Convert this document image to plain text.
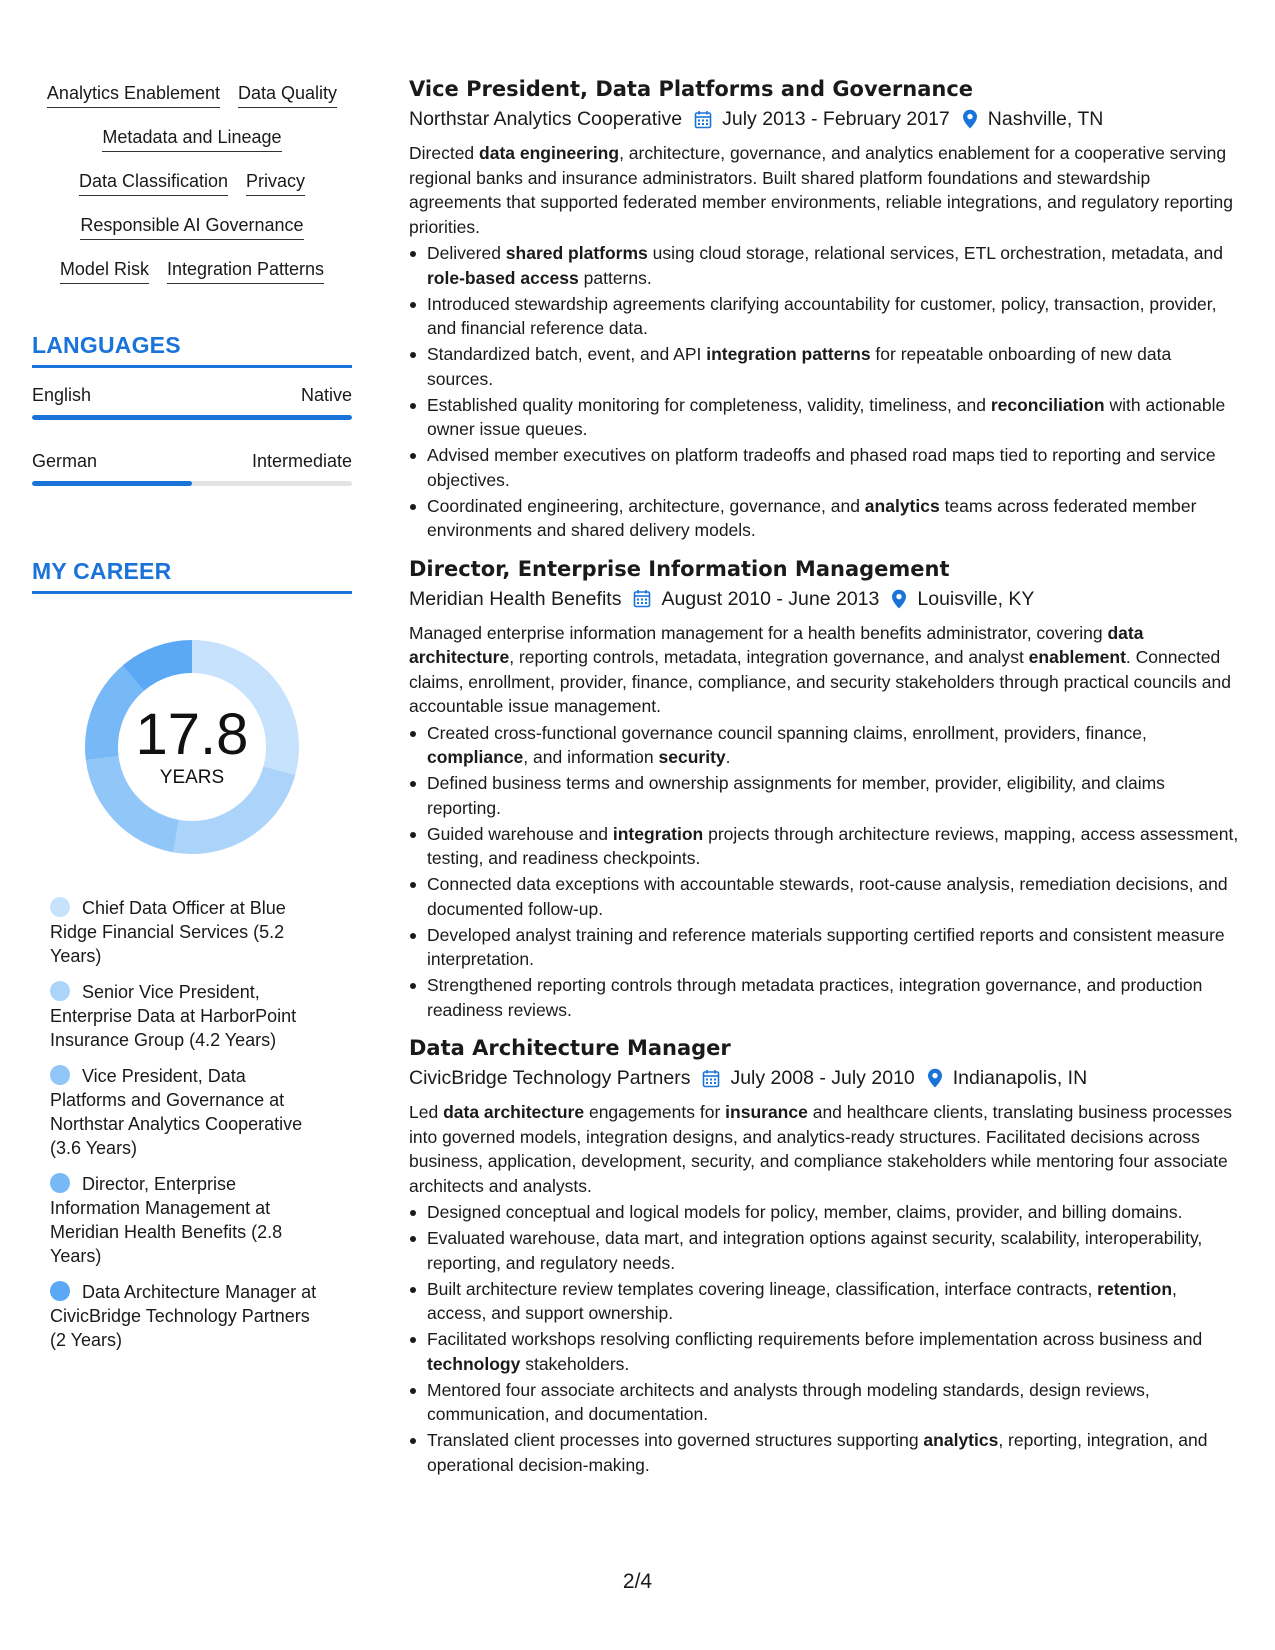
Analytics Enablement Data Quality
Metadata and Lineage
Data Classification Privacy
Responsible AI Governance
Model Risk Integration Patterns
LANGUAGES
English	Native
German	Intermediate
MY CAREER
17.8
YEARS
Chief Data Officer at Blue Ridge Financial Services (5.2 Years)
Senior Vice President, Enterprise Data at HarborPoint Insurance Group (4.2 Years)
Vice President, Data Platforms and Governance at Northstar Analytics Cooperative (3.6 Years)
Director, Enterprise Information Management at Meridian Health Benefits (2.8 Years)
Data Architecture Manager at CivicBridge Technology Partners (2 Years)
Vice President, Data Platforms and Governance
Northstar Analytics Cooperative July 2013 - February 2017 Nashville, TN
Directed data engineering, architecture, governance, and analytics enablement for a cooperative serving regional banks and insurance administrators. Built shared platform foundations and stewardship agreements that supported federated member environments, reliable integrations, and regulatory reporting priorities.
Delivered shared platforms using cloud storage, relational services, ETL orchestration, metadata, and role-based access patterns.
Introduced stewardship agreements clarifying accountability for customer, policy, transaction, provider, and financial reference data.
Standardized batch, event, and API integration patterns for repeatable onboarding of new data sources.
Established quality monitoring for completeness, validity, timeliness, and reconciliation with actionable owner issue queues.
Advised member executives on platform tradeoffs and phased road maps tied to reporting and service objectives.
Coordinated engineering, architecture, governance, and analytics teams across federated member environments and shared delivery models.
Director, Enterprise Information Management
Meridian Health Benefits August 2010 - June 2013 Louisville, KY
Managed enterprise information management for a health benefits administrator, covering data architecture, reporting controls, metadata, integration governance, and analyst enablement. Connected claims, enrollment, provider, finance, compliance, and security stakeholders through practical councils and accountable issue management.
Created cross-functional governance council spanning claims, enrollment, providers, finance, compliance, and information security.
Defined business terms and ownership assignments for member, provider, eligibility, and claims reporting.
Guided warehouse and integration projects through architecture reviews, mapping, access assessment, testing, and readiness checkpoints.
Connected data exceptions with accountable stewards, root-cause analysis, remediation decisions, and documented follow-up.
Developed analyst training and reference materials supporting certified reports and consistent measure interpretation.
Strengthened reporting controls through metadata practices, integration governance, and production readiness reviews.
Data Architecture Manager
CivicBridge Technology Partners July 2008 - July 2010 Indianapolis, IN
Led data architecture engagements for insurance and healthcare clients, translating business processes into governed models, integration designs, and analytics-ready structures. Facilitated decisions across business, application, development, security, and compliance stakeholders while mentoring four associate architects and analysts.
Designed conceptual and logical models for policy, member, claims, provider, and billing domains.
Evaluated warehouse, data mart, and integration options against security, scalability, interoperability, reporting, and regulatory needs.
Built architecture review templates covering lineage, classification, interface contracts, retention, access, and support ownership.
Facilitated workshops resolving conflicting requirements before implementation across business and technology stakeholders.
Mentored four associate architects and analysts through modeling standards, design reviews, communication, and documentation.
Translated client processes into governed structures supporting analytics, reporting, integration, and operational decision-making.
2/4
